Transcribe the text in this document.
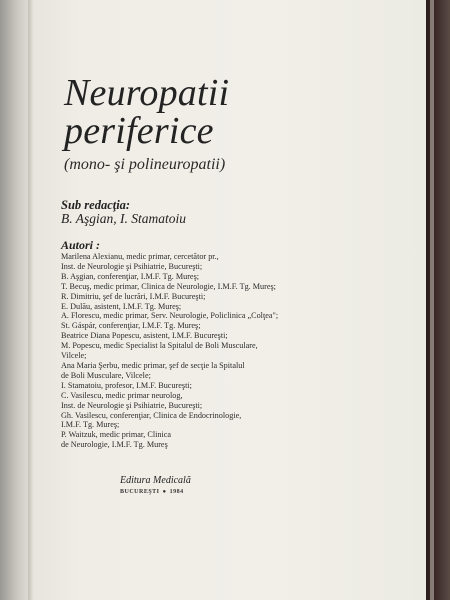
Neuropatii
periferice
(mono- şi polineuropatii)
Sub redacţia:
B. Aşgian, I. Stamatoiu
Autori :
Marilena Alexianu, medic primar, cercetător pr.,
Inst. de Neurologie şi Psihiatrie, Bucureşti;
B. Aşgian, conferenţiar, I.M.F. Tg. Mureş;
T. Becuş, medic primar, Clinica de Neurologie, I.M.F. Tg. Mureş;
R. Dimitriu, şef de lucrări, I.M.F. Bucureşti;
E. Dulău, asistent, I.M.F. Tg. Mureş;
A. Florescu, medic primar, Serv. Neurologie, Policlinica „Colţea";
St. Gáspár, conferenţiar, I.M.F. Tg. Mureş;
Beatrice Diana Popescu, asistent, I.M.F. Bucureşti;
M. Popescu, medic Specialist la Spitalul de Boli Musculare,
Vilcele;
Ana Maria Şerbu, medic primar, şef de secţie la Spitalul
de Boli Musculare, Vilcele;
I. Stamatoiu, profesor, I.M.F. Bucureşti;
C. Vasilescu, medic primar neurolog,
Inst. de Neurologie şi Psihiatrie, Bucureşti;
Gh. Vasilescu, conferenţiar, Clinica de Endocrinologie,
I.M.F. Tg. Mureş;
P. Waitzuk, medic primar, Clinica
de Neurologie, I.M.F. Tg. Mureş
Editura Medicală
BUCUREŞTI ● 1984
